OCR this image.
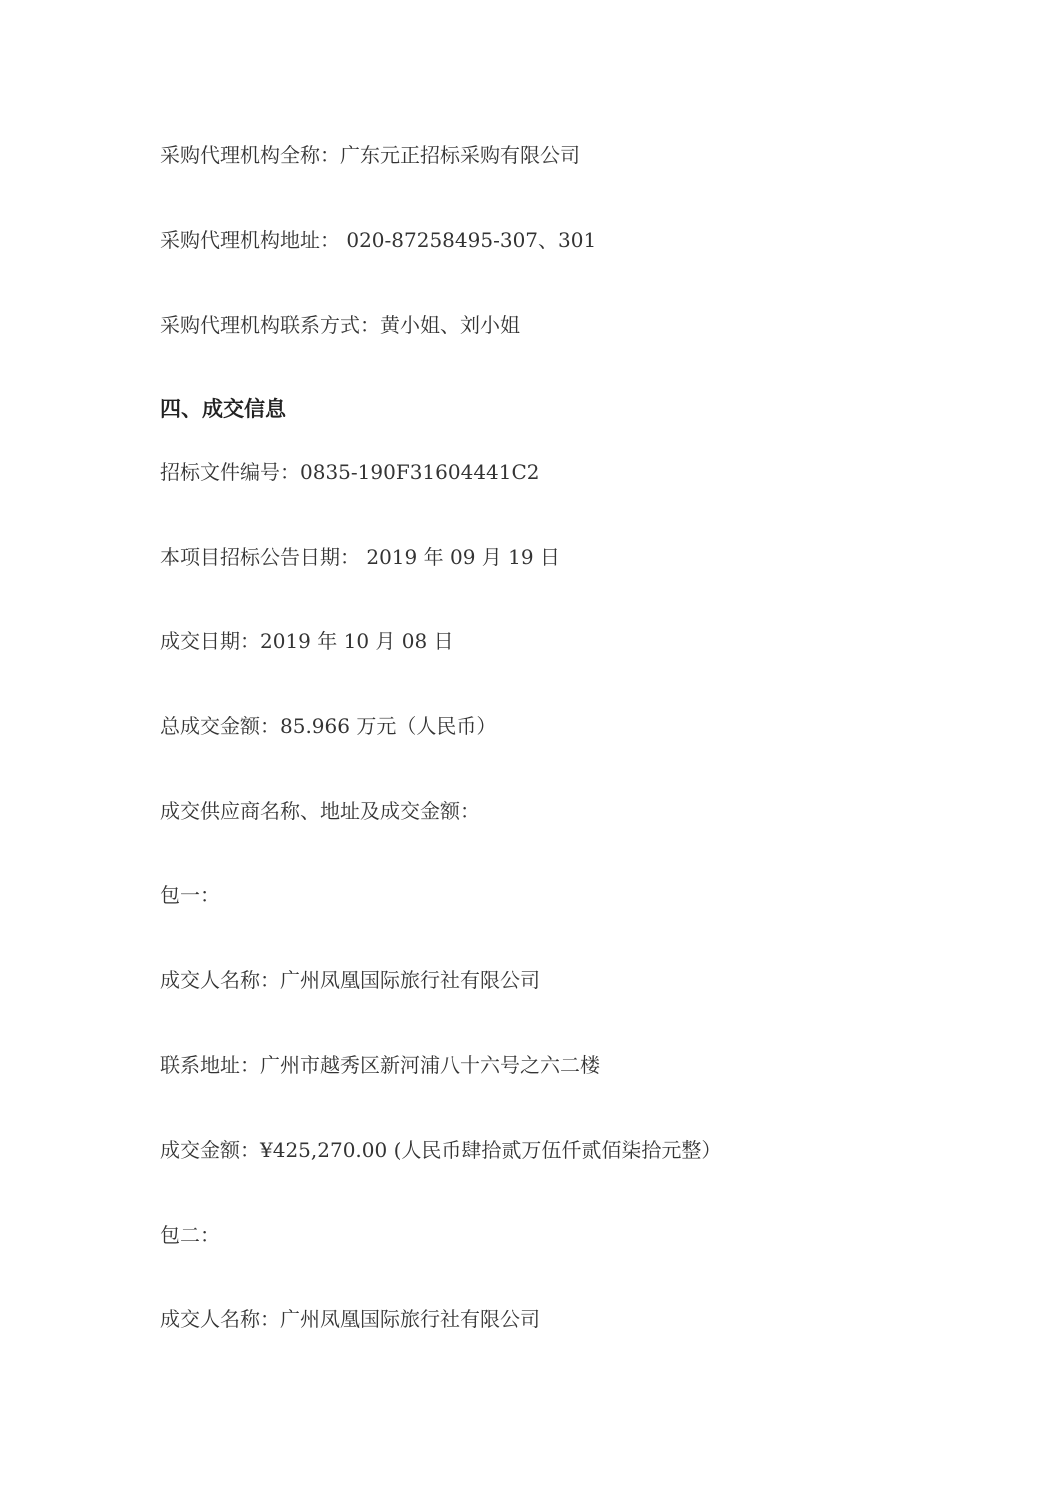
采购代理机构全称：广东元正招标采购有限公司

采购代理机构地址： 020-87258495-307、301

采购代理机构联系方式：黄小姐、刘小姐

四、成交信息

招标文件编号：0835-190F31604441C2

本项目招标公告日期： 2019 年 09 月 19 日

成交日期：2019 年 10 月 08 日

总成交金额：85.966 万元（人民币）

成交供应商名称、地址及成交金额：

包一：

成交人名称：广州凤凰国际旅行社有限公司

联系地址：广州市越秀区新河浦八十六号之六二楼

成交金额：¥425,270.00 (人民币肆拾贰万伍仟贰佰柒拾元整）

包二：

成交人名称：广州凤凰国际旅行社有限公司
